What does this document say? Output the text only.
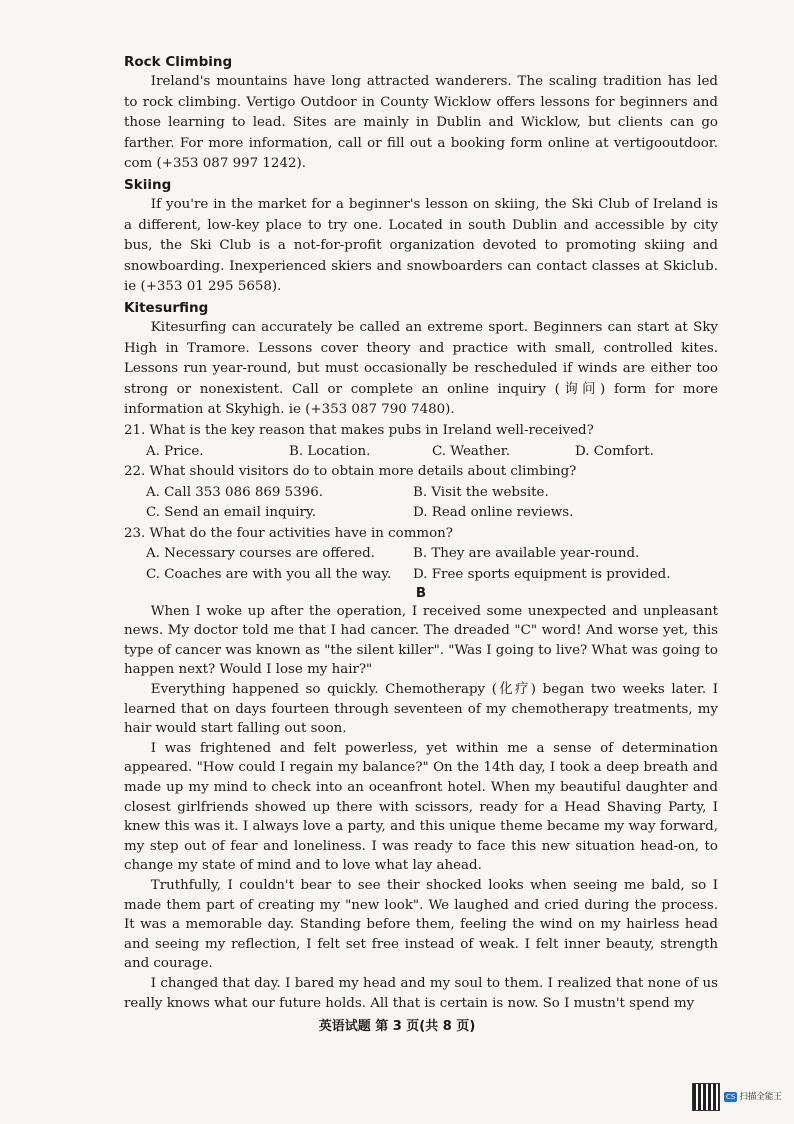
Rock Climbing

Ireland's mountains have long attracted wanderers. The scaling tradition has led to rock climbing. Vertigo Outdoor in County Wicklow offers lessons for beginners and those learning to lead. Sites are mainly in Dublin and Wicklow, but clients can go farther. For more information, call or fill out a booking form online at vertigooutdoor. com (+353 087 997 1242).

Skiing

If you're in the market for a beginner's lesson on skiing, the Ski Club of Ireland is a different, low-key place to try one. Located in south Dublin and accessible by city bus, the Ski Club is a not-for-profit organization devoted to promoting skiing and snowboarding. Inexperienced skiers and snowboarders can contact classes at Skiclub. ie (+353 01 295 5658).

Kitesurfing

Kitesurfing can accurately be called an extreme sport. Beginners can start at Sky High in Tramore. Lessons cover theory and practice with small, controlled kites. Lessons run year-round, but must occasionally be rescheduled if winds are either too strong or nonexistent. Call or complete an online inquiry (询问) form for more information at Skyhigh. ie (+353 087 790 7480).

21. What is the key reason that makes pubs in Ireland well-received?

A. Price.	B. Location.	C. Weather.	D. Comfort.

22. What should visitors do to obtain more details about climbing?

A. Call 353 086 869 5396.	B. Visit the website.
C. Send an email inquiry.	D. Read online reviews.

23. What do the four activities have in common?

A. Necessary courses are offered.	B. They are available year-round.
C. Coaches are with you all the way.	D. Free sports equipment is provided.
B

When I woke up after the operation, I received some unexpected and unpleasant news. My doctor told me that I had cancer. The dreaded "C" word! And worse yet, this type of cancer was known as "the silent killer". "Was I going to live? What was going to happen next? Would I lose my hair?"

Everything happened so quickly. Chemotherapy (化疗) began two weeks later. I learned that on days fourteen through seventeen of my chemotherapy treatments, my hair would start falling out soon.

I was frightened and felt powerless, yet within me a sense of determination appeared. "How could I regain my balance?" On the 14th day, I took a deep breath and made up my mind to check into an oceanfront hotel. When my beautiful daughter and closest girlfriends showed up there with scissors, ready for a Head Shaving Party, I knew this was it. I always love a party, and this unique theme became my way forward, my step out of fear and loneliness. I was ready to face this new situation head-on, to change my state of mind and to love what lay ahead.

Truthfully, I couldn't bear to see their shocked looks when seeing me bald, so I made them part of creating my "new look". We laughed and cried during the process. It was a memorable day. Standing before them, feeling the wind on my hairless head and seeing my reflection, I felt set free instead of weak. I felt inner beauty, strength and courage.

I changed that day. I bared my head and my soul to them. I realized that none of us really knows what our future holds. All that is certain is now. So I mustn't spend my

英语试题 第 3 页(共 8 页)
CS 扫描全能王
